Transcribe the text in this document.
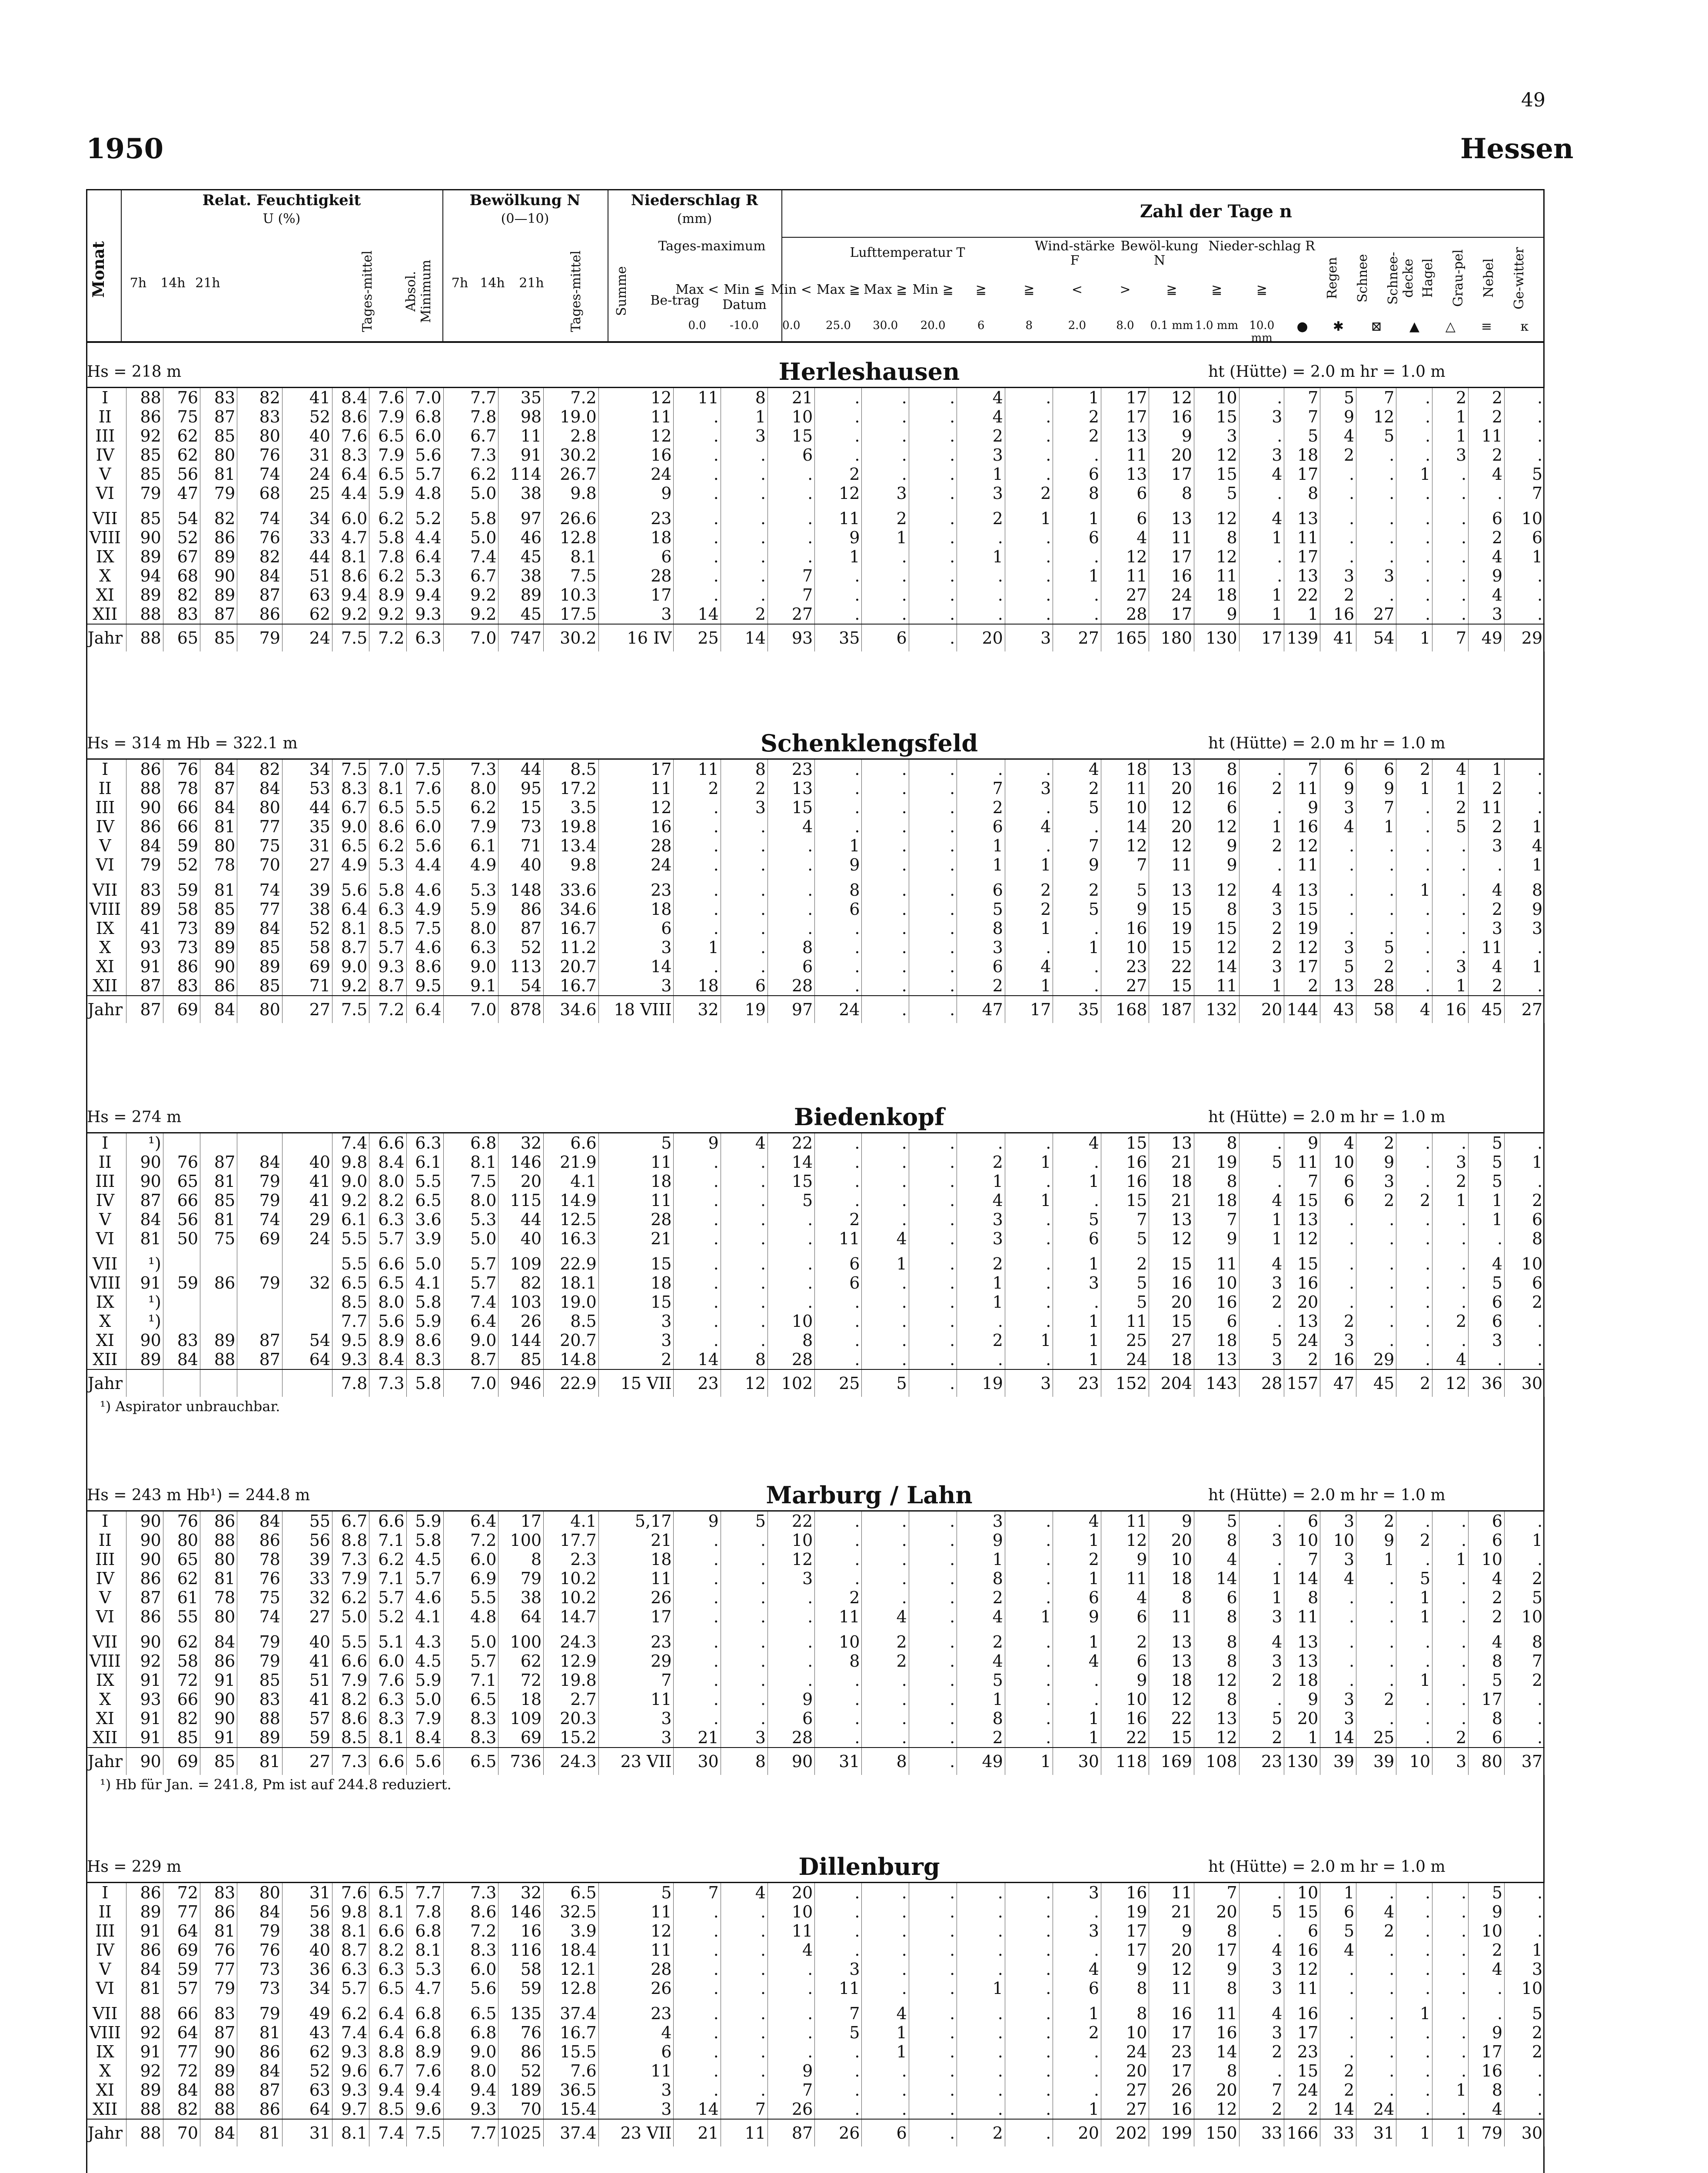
49
1950	Hessen
Monat
Relat. Feuchtigkeit
U (%)
Bewölkung N
(0—10)
Niederschlag R
(mm)	Zahl der Tage n
7h	14h 21h	Tages-mittel	Absol. Minimum	7h 14h 21h Tages-mittel	Summe
Tages-maximum
Be-trag	Datum
Lufttemperatur T	Wind-stärke F
Bewöl-kung N
Nieder-schlag R
Regen	Schnee	Schnee-decke Hagel	Grau-pel	Nebel	Ge-witter
Max <
0.0
Min ≦
-10.0
Min <
0.0
Max ≧
25.0
Max ≧
30.0
Min ≧
20.0
≧
6
≧
8
<
2.0
>
8.0
≧
0.1 mm
≧
1.0 mm
≧
10.0 mm
●	✱	⊠	▲	△	≡	ᴋ
Hs = 218 m	Herleshausen	ht (Hütte) = 2.0 m hr = 1.0 m
I	88	76	83	82	41	8.4	7.6	7.0	7.7	35	7.2	12	11	8	21	.	.	.	4	.	1	17	12	10	.	7	5	7	.	2	2	.
II	86	75	87	83	52	8.6	7.9	6.8	7.8	98	19.0	11	.	1	10	.	.	.	4	.	2	17	16	15	3	7	9	12	.	1	2	.
III	92	62	85	80	40	7.6	6.5	6.0	6.7	11	2.8	12	.	3	15	.	.	.	2	.	2	13	9	3	.	5	4	5	.	1	11	.
IV	85	62	80	76	31	8.3	7.9	5.6	7.3	91	30.2	16	.	.	6	.	.	.	3	.	.	11	20	12	3	18	2	.	.	3	2	.
V	85	56	81	74	24	6.4	6.5	5.7	6.2	114	26.7	24	.	.	.	2	.	.	1	.	6	13	17	15	4	17	.	.	1	.	4	5
VI	79	47	79	68	25	4.4	5.9	4.8	5.0	38	9.8	9	.	.	.	12	3	.	3	2	8	6	8	5	.	8	.	.	.	.	.	7

VII	85	54	82	74	34	6.0	6.2	5.2	5.8	97	26.6	23	.	.	.	11	2	.	2	1	1	6	13	12	4	13	.	.	.	.	6	10
VIII	90	52	86	76	33	4.7	5.8	4.4	5.0	46	12.8	18	.	.	.	9	1	.	.	.	6	4	11	8	1	11	.	.	.	.	2	6
IX	89	67	89	82	44	8.1	7.8	6.4	7.4	45	8.1	6	.	.	.	1	.	.	1	.	.	12	17	12	.	17	.	.	.	.	4	1
X	94	68	90	84	51	8.6	6.2	5.3	6.7	38	7.5	28	.	.	7	.	.	.	.	.	1	11	16	11	.	13	3	3	.	.	9	.
XI	89	82	89	87	63	9.4	8.9	9.4	9.2	89	10.3	17	.	.	7	.	.	.	.	.	.	27	24	18	1	22	2	.	.	.	4	.
XII	88	83	87	86	62	9.2	9.2	9.3	9.2	45	17.5	3	14	2	27	.	.	.	.	.	.	28	17	9	1	1	16	27	.	.	3	.
Jahr	88	65	85	79	24	7.5	7.2	6.3	7.0	747	30.2	16 IV	25	14	93	35	6	.	20	3	27	165	180	130	17	139	41	54	1	7	49	29
Hs = 314 m Hb = 322.1 m	Schenklengsfeld	ht (Hütte) = 2.0 m hr = 1.0 m
I	86	76	84	82	34	7.5	7.0	7.5	7.3	44	8.5	17	11	8	23	.	.	.	.	.	4	18	13	8	.	7	6	6	2	4	1	.
II	88	78	87	84	53	8.3	8.1	7.6	8.0	95	17.2	11	2	2	13	.	.	.	7	3	2	11	20	16	2	11	9	9	1	1	2	.
III	90	66	84	80	44	6.7	6.5	5.5	6.2	15	3.5	12	.	3	15	.	.	.	2	.	5	10	12	6	.	9	3	7	.	2	11	.
IV	86	66	81	77	35	9.0	8.6	6.0	7.9	73	19.8	16	.	.	4	.	.	.	6	4	.	14	20	12	1	16	4	1	.	5	2	1
V	84	59	80	75	31	6.5	6.2	5.6	6.1	71	13.4	28	.	.	.	1	.	.	1	.	7	12	12	9	2	12	.	.	.	.	3	4
VI	79	52	78	70	27	4.9	5.3	4.4	4.9	40	9.8	24	.	.	.	9	.	.	1	1	9	7	11	9	.	11	.	.	.	.	.	1

VII	83	59	81	74	39	5.6	5.8	4.6	5.3	148	33.6	23	.	.	.	8	.	.	6	2	2	5	13	12	4	13	.	.	1	.	4	8
VIII	89	58	85	77	38	6.4	6.3	4.9	5.9	86	34.6	18	.	.	.	6	.	.	5	2	5	9	15	8	3	15	.	.	.	.	2	9
IX	41	73	89	84	52	8.1	8.5	7.5	8.0	87	16.7	6	.	.	.	.	.	.	8	1	.	16	19	15	2	19	.	.	.	.	3	3
X	93	73	89	85	58	8.7	5.7	4.6	6.3	52	11.2	3	1	.	8	.	.	.	3	.	1	10	15	12	2	12	3	5	.	.	11	.
XI	91	86	90	89	69	9.0	9.3	8.6	9.0	113	20.7	14	.	.	6	.	.	.	6	4	.	23	22	14	3	17	5	2	.	3	4	1
XII	87	83	86	85	71	9.2	8.7	9.5	9.1	54	16.7	3	18	6	28	.	.	.	2	1	.	27	15	11	1	2	13	28	.	1	2	.
Jahr	87	69	84	80	27	7.5	7.2	6.4	7.0	878	34.6	18 VIII	32	19	97	24	.	.	47	17	35	168	187	132	20	144	43	58	4	16	45	27
Hs = 274 m	Biedenkopf	ht (Hütte) = 2.0 m hr = 1.0 m
I	¹)					7.4	6.6	6.3	6.8	32	6.6	5	9	4	22	.	.	.	.	.	4	15	13	8	.	9	4	2	.	.	5	.
II	90	76	87	84	40	9.8	8.4	6.1	8.1	146	21.9	11	.	.	14	.	.	.	2	1	.	16	21	19	5	11	10	9	.	3	5	1
III	90	65	81	79	41	9.0	8.0	5.5	7.5	20	4.1	18	.	.	15	.	.	.	1	.	1	16	18	8	.	7	6	3	.	2	5	.
IV	87	66	85	79	41	9.2	8.2	6.5	8.0	115	14.9	11	.	.	5	.	.	.	4	1	.	15	21	18	4	15	6	2	2	1	1	2
V	84	56	81	74	29	6.1	6.3	3.6	5.3	44	12.5	28	.	.	.	2	.	.	3	.	5	7	13	7	1	13	.	.	.	.	1	6
VI	81	50	75	69	24	5.5	5.7	3.9	5.0	40	16.3	21	.	.	.	11	4	.	3	.	6	5	12	9	1	12	.	.	.	.	.	8

VII	¹)					5.5	6.6	5.0	5.7	109	22.9	15	.	.	.	6	1	.	2	.	1	2	15	11	4	15	.	.	.	.	4	10
VIII	91	59	86	79	32	6.5	6.5	4.1	5.7	82	18.1	18	.	.	.	6	.	.	1	.	3	5	16	10	3	16	.	.	.	.	5	6
IX	¹)					8.5	8.0	5.8	7.4	103	19.0	15	.	.	.	.	.	.	1	.	.	5	20	16	2	20	.	.	.	.	6	2
X	¹)					7.7	5.6	5.9	6.4	26	8.5	3	.	.	10	.	.	.	.	.	1	11	15	6	.	13	2	.	.	2	6	.
XI	90	83	89	87	54	9.5	8.9	8.6	9.0	144	20.7	3	.	.	8	.	.	.	2	1	1	25	27	18	5	24	3	.	.	.	3	.
XII	89	84	88	87	64	9.3	8.4	8.3	8.7	85	14.8	2	14	8	28	.	.	.	.	.	1	24	18	13	3	2	16	29	.	4	.	.
Jahr						7.8	7.3	5.8	7.0	946	22.9	15 VII	23	12	102	25	5	.	19	3	23	152	204	143	28	157	47	45	2	12	36	30
¹) Aspirator unbrauchbar.
Hs = 243 m Hb¹) = 244.8 m	Marburg / Lahn	ht (Hütte) = 2.0 m hr = 1.0 m
I	90	76	86	84	55	6.7	6.6	5.9	6.4	17	4.1	5,17	9	5	22	.	.	.	3	.	4	11	9	5	.	6	3	2	.	.	6	.
II	90	80	88	86	56	8.8	7.1	5.8	7.2	100	17.7	21	.	.	10	.	.	.	9	.	1	12	20	8	3	10	10	9	2	.	6	1
III	90	65	80	78	39	7.3	6.2	4.5	6.0	8	2.3	18	.	.	12	.	.	.	1	.	2	9	10	4	.	7	3	1	.	1	10	.
IV	86	62	81	76	33	7.9	7.1	5.7	6.9	79	10.2	11	.	.	3	.	.	.	8	.	1	11	18	14	1	14	4	.	5	.	4	2
V	87	61	78	75	32	6.2	5.7	4.6	5.5	38	10.2	26	.	.	.	2	.	.	2	.	6	4	8	6	1	8	.	.	1	.	2	5
VI	86	55	80	74	27	5.0	5.2	4.1	4.8	64	14.7	17	.	.	.	11	4	.	4	1	9	6	11	8	3	11	.	.	1	.	2	10

VII	90	62	84	79	40	5.5	5.1	4.3	5.0	100	24.3	23	.	.	.	10	2	.	2	.	1	2	13	8	4	13	.	.	.	.	4	8
VIII	92	58	86	79	41	6.6	6.0	4.5	5.7	62	12.9	29	.	.	.	8	2	.	4	.	4	6	13	8	3	13	.	.	.	.	8	7
IX	91	72	91	85	51	7.9	7.6	5.9	7.1	72	19.8	7	.	.	.	.	.	.	5	.	.	9	18	12	2	18	.	.	1	.	5	2
X	93	66	90	83	41	8.2	6.3	5.0	6.5	18	2.7	11	.	.	9	.	.	.	1	.	.	10	12	8	.	9	3	2	.	.	17	.
XI	91	82	90	88	57	8.6	8.3	7.9	8.3	109	20.3	3	.	.	6	.	.	.	8	.	1	16	22	13	5	20	3	.	.	.	8	.
XII	91	85	91	89	59	8.5	8.1	8.4	8.3	69	15.2	3	21	3	28	.	.	.	2	.	1	22	15	12	2	1	14	25	.	2	6	.
Jahr	90	69	85	81	27	7.3	6.6	5.6	6.5	736	24.3	23 VII	30	8	90	31	8	.	49	1	30	118	169	108	23	130	39	39	10	3	80	37
¹) Hb für Jan. = 241.8, Pm ist auf 244.8 reduziert.
Hs = 229 m	Dillenburg	ht (Hütte) = 2.0 m hr = 1.0 m
I	86	72	83	80	31	7.6	6.5	7.7	7.3	32	6.5	5	7	4	20	.	.	.	.	.	3	16	11	7	.	10	1	.	.	.	5	.
II	89	77	86	84	56	9.8	8.1	7.8	8.6	146	32.5	11	.	.	10	.	.	.	.	.	.	19	21	20	5	15	6	4	.	.	9	.
III	91	64	81	79	38	8.1	6.6	6.8	7.2	16	3.9	12	.	.	11	.	.	.	.	.	3	17	9	8	.	6	5	2	.	.	10	.
IV	86	69	76	76	40	8.7	8.2	8.1	8.3	116	18.4	11	.	.	4	.	.	.	.	.	.	17	20	17	4	16	4	.	.	.	2	1
V	84	59	77	73	36	6.3	6.3	5.3	6.0	58	12.1	28	.	.	.	3	.	.	.	.	4	9	12	9	3	12	.	.	.	.	4	3
VI	81	57	79	73	34	5.7	6.5	4.7	5.6	59	12.8	26	.	.	.	11	.	.	1	.	6	8	11	8	3	11	.	.	.	.	.	10

VII	88	66	83	79	49	6.2	6.4	6.8	6.5	135	37.4	23	.	.	.	7	4	.	.	.	1	8	16	11	4	16	.	.	1	.	.	5
VIII	92	64	87	81	43	7.4	6.4	6.8	6.8	76	16.7	4	.	.	.	5	1	.	.	.	2	10	17	16	3	17	.	.	.	.	9	2
IX	91	77	90	86	62	9.3	8.8	8.9	9.0	86	15.5	6	.	.	.	.	1	.	.	.	.	24	23	14	2	23	.	.	.	.	17	2
X	92	72	89	84	52	9.6	6.7	7.6	8.0	52	7.6	11	.	.	9	.	.	.	.	.	.	20	17	8	.	15	2	.	.	.	16	.
XI	89	84	88	87	63	9.3	9.4	9.4	9.4	189	36.5	3	.	.	7	.	.	.	.	.	.	27	26	20	7	24	2	.	.	1	8	.
XII	88	82	88	86	64	9.7	8.5	9.6	9.3	70	15.4	3	14	7	26	.	.	.	.	.	1	27	16	12	2	2	14	24	.	.	4	.
Jahr	88	70	84	81	31	8.1	7.4	7.5	7.7	1025	37.4	23 VII	21	11	87	26	6	.	2	.	20	202	199	150	33	166	33	31	1	1	79	30
